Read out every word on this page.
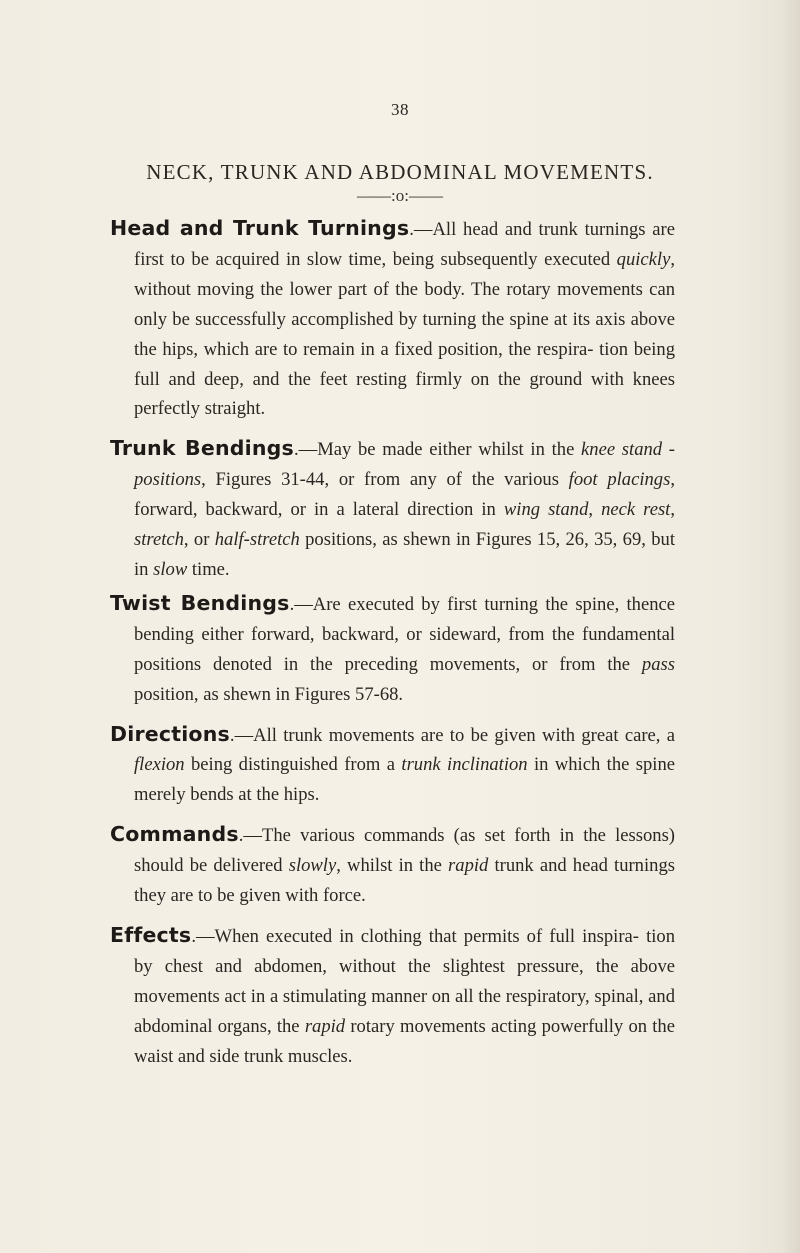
38
NECK, TRUNK AND ABDOMINAL MOVEMENTS.
——:o:——

Head and Trunk Turnings.—All head and trunk turnings are first to be acquired in slow time, being subsequently executed quickly, without moving the lower part of the body. The rotary movements can only be successfully accomplished by turning the spine at its axis above the hips, which are to remain in a fixed position, the respira- tion being full and deep, and the feet resting firmly on the ground with knees perfectly straight.

Trunk Bendings.—May be made either whilst in the knee stand - positions, Figures 31-44, or from any of the various foot placings, forward, backward, or in a lateral direction in wing stand, neck rest, stretch, or half-stretch positions, as shewn in Figures 15, 26, 35, 69, but in slow time.

Twist Bendings.—Are executed by first turning the spine, thence bending either forward, backward, or sideward, from the fundamental positions denoted in the preceding movements, or from the pass position, as shewn in Figures 57-68.

Directions.—All trunk movements are to be given with great care, a flexion being distinguished from a trunk inclination in which the spine merely bends at the hips.

Commands.—The various commands (as set forth in the lessons) should be delivered slowly, whilst in the rapid trunk and head turnings they are to be given with force.

Effects.—When executed in clothing that permits of full inspira- tion by chest and abdomen, without the slightest pressure, the above movements act in a stimulating manner on all the respiratory, spinal, and abdominal organs, the rapid rotary movements acting powerfully on the waist and side trunk muscles.
